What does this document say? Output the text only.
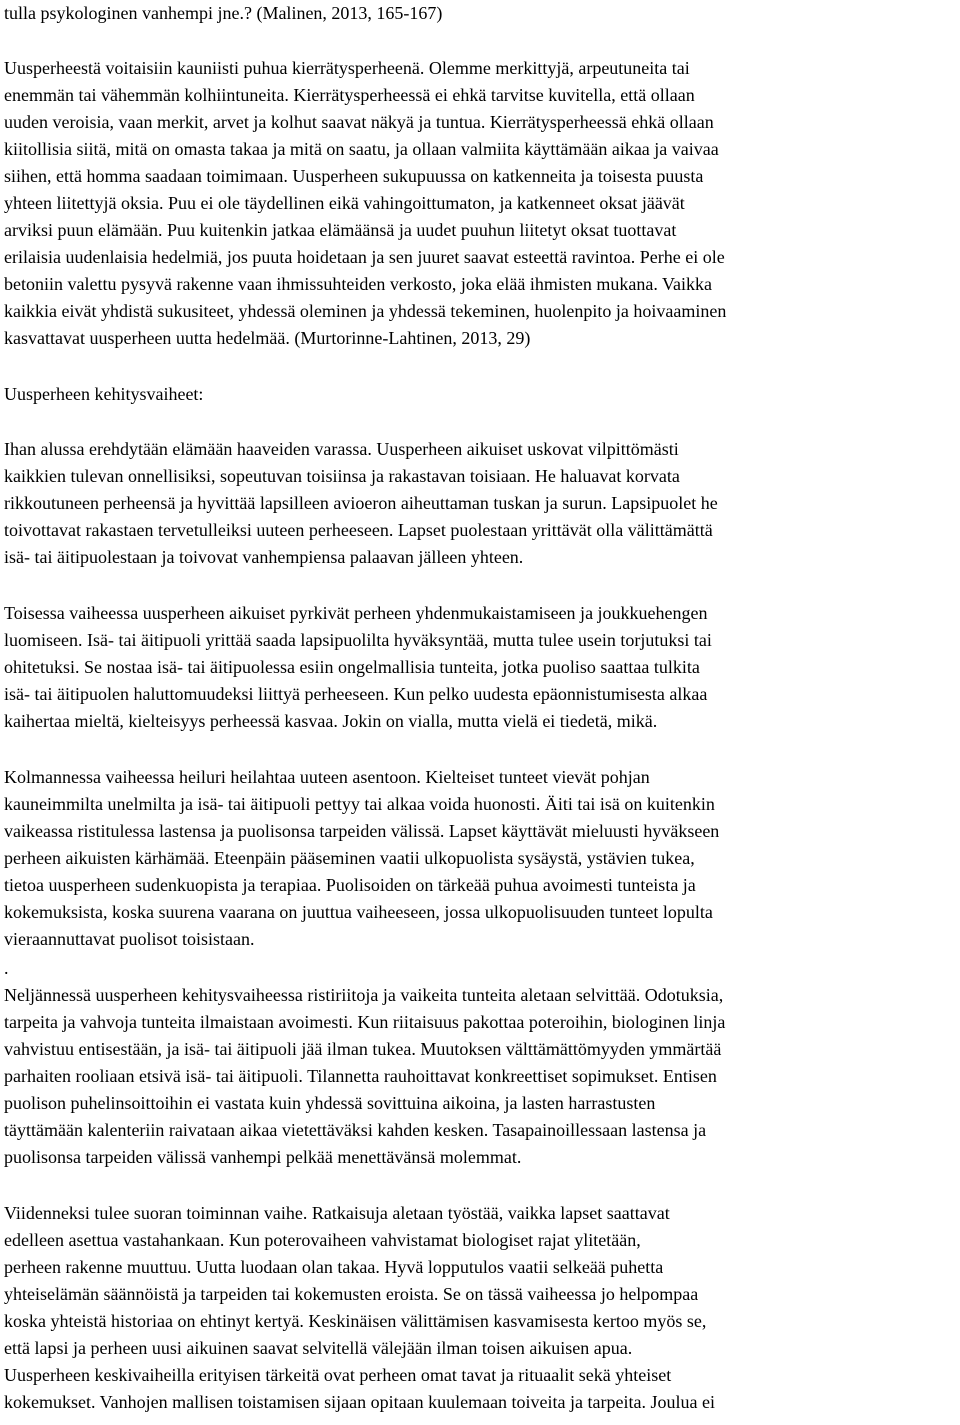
tulla psykologinen vanhempi jne.? (Malinen, 2013, 165-167)
Uusperheestä voitaisiin kauniisti puhua kierrätysperheenä. Olemme merkittyjä, arpeutuneita tai
enemmän tai vähemmän kolhiintuneita. Kierrätysperheessä ei ehkä tarvitse kuvitella, että ollaan
uuden veroisia, vaan merkit, arvet ja kolhut saavat näkyä ja tuntua. Kierrätysperheessä ehkä ollaan
kiitollisia siitä, mitä on omasta takaa ja mitä on saatu, ja ollaan valmiita käyttämään aikaa ja vaivaa
siihen, että homma saadaan toimimaan. Uusperheen sukupuussa on katkenneita ja toisesta puusta
yhteen liitettyjä oksia. Puu ei ole täydellinen eikä vahingoittumaton, ja katkenneet oksat jäävät
arviksi puun elämään. Puu kuitenkin jatkaa elämäänsä ja uudet puuhun liitetyt oksat tuottavat
erilaisia uudenlaisia hedelmiä, jos puuta hoidetaan ja sen juuret saavat esteettä ravintoa. Perhe ei ole
betoniin valettu pysyvä rakenne vaan ihmissuhteiden verkosto, joka elää ihmisten mukana. Vaikka
kaikkia eivät yhdistä sukusiteet, yhdessä oleminen ja yhdessä tekeminen, huolenpito ja hoivaaminen
kasvattavat uusperheen uutta hedelmää. (Murtorinne-Lahtinen, 2013, 29)
Uusperheen kehitysvaiheet:
Ihan alussa erehdytään elämään haaveiden varassa. Uusperheen aikuiset uskovat vilpittömästi
kaikkien tulevan onnellisiksi, sopeutuvan toisiinsa ja rakastavan toisiaan. He haluavat korvata
rikkoutuneen perheensä ja hyvittää lapsilleen avioeron aiheuttaman tuskan ja surun. Lapsipuolet he
toivottavat rakastaen tervetulleiksi uuteen perheeseen. Lapset puolestaan yrittävät olla välittämättä
isä- tai äitipuolestaan ja toivovat vanhempiensa palaavan jälleen yhteen.
Toisessa vaiheessa uusperheen aikuiset pyrkivät perheen yhdenmukaistamiseen ja joukkuehengen
luomiseen. Isä- tai äitipuoli yrittää saada lapsipuolilta hyväksyntää, mutta tulee usein torjutuksi tai
ohitetuksi. Se nostaa isä- tai äitipuolessa esiin ongelmallisia tunteita, jotka puoliso saattaa tulkita
isä- tai äitipuolen haluttomuudeksi liittyä perheeseen. Kun pelko uudesta epäonnistumisesta alkaa
kaihertaa mieltä, kielteisyys perheessä kasvaa. Jokin on vialla, mutta vielä ei tiedetä, mikä.
Kolmannessa vaiheessa heiluri heilahtaa uuteen asentoon. Kielteiset tunteet vievät pohjan
kauneimmilta unelmilta ja isä- tai äitipuoli pettyy tai alkaa voida huonosti. Äiti tai isä on kuitenkin
vaikeassa ristitulessa lastensa ja puolisonsa tarpeiden välissä. Lapset käyttävät mieluusti hyväkseen
perheen aikuisten kärhämää. Eteenpäin pääseminen vaatii ulkopuolista sysäystä, ystävien tukea,
tietoa uusperheen sudenkuopista ja terapiaa. Puolisoiden on tärkeää puhua avoimesti tunteista ja
kokemuksista, koska suurena vaarana on juuttua vaiheeseen, jossa ulkopuolisuuden tunteet lopulta
vieraannuttavat puolisot toisistaan.
.
Neljännessä uusperheen kehitysvaiheessa ristiriitoja ja vaikeita tunteita aletaan selvittää. Odotuksia,
tarpeita ja vahvoja tunteita ilmaistaan avoimesti. Kun riitaisuus pakottaa poteroihin, biologinen linja
vahvistuu entisestään, ja isä- tai äitipuoli jää ilman tukea. Muutoksen välttämättömyyden ymmärtää
parhaiten roolia​an etsivä isä- tai äitipuoli. Tilannetta rauhoittavat konkreettiset sopimukset. Entisen
puolison puhelinsoittoihin ei vastata kuin yhdessä sovittuina aikoina, ja lasten harrastusten
täyttämään kalenteriin raivataan aikaa vietettäväksi kahden kesken. Tasapainoillessaan lastensa ja
puolisonsa tarpeiden välissä vanhempi pelkää menettävänsä molemmat.
Viidenneksi tulee suoran toiminnan vaihe. Ratkaisuja aletaan työstää, vaikka lapset saattavat
edelleen asettua vastahankaan. Kun poterovaiheen vahvistamat biologiset rajat ylitetään,
perheen rakenne muuttuu. Uutta luodaan olan takaa. Hyvä lopputulos vaatii selkeää puhetta
yhteiselämän säännöistä ja tarpeiden tai kokemusten eroista. Se on tässä vaiheessa jo helpompaa
koska yhteistä historiaa on ehtinyt kertyä. Keskinäisen välittämisen kasvamisesta kertoo myös se,
että lapsi ja perheen uusi aikuinen saavat selvitellä välejään ilman toisen aikuisen apua.
Uusperheen keskivaiheilla erityisen tärkeitä ovat perheen omat tavat ja rituaalit sekä yhteiset
kokemukset. Vanhojen mallisen toistamisen sijaan opitaan kuulemaan toiveita ja tarpeita. Joulua ei
